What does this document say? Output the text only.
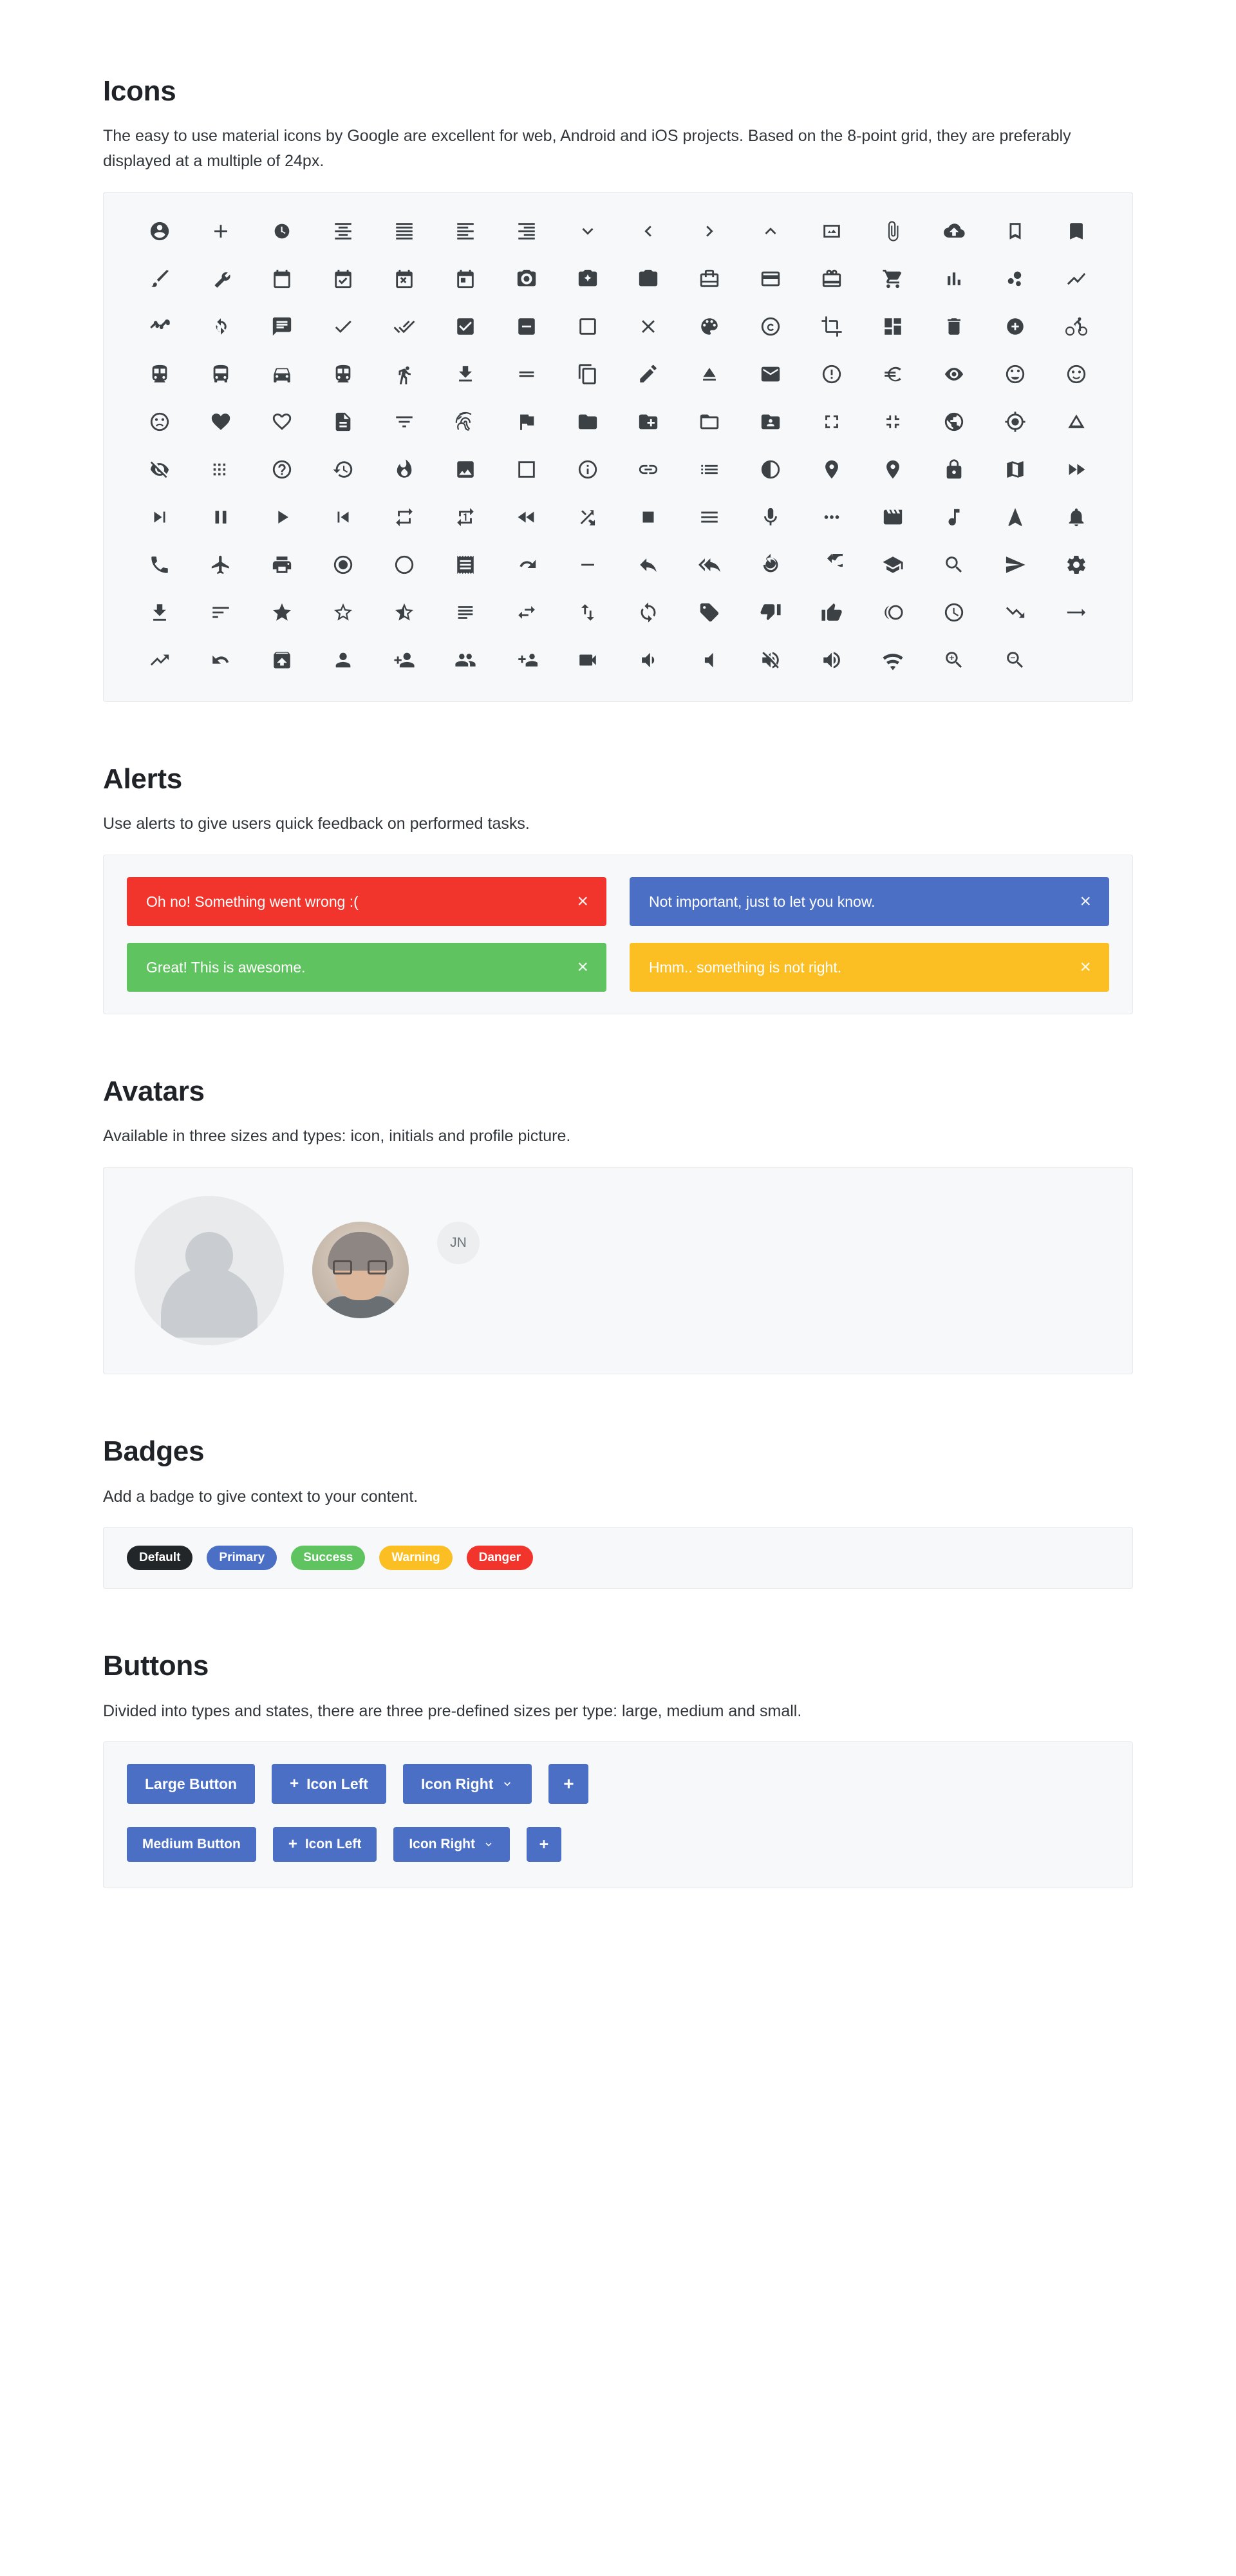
Icons

The easy to use material icons by Google are excellent for web, Android and iOS projects. Based on the 8-point grid, they are preferably displayed at a multiple of 24px.

Alerts

Use alerts to give users quick feedback on performed tasks.

Oh no! Something went wrong :(	×	Not important, just to let you know.	×
Great! This is awesome.	×	Hmm.. something is not right.	×
Avatars

Available in three sizes and types: icon, initials and profile picture.

JN
Badges

Add a badge to give context to your content.

Default	Primary	Success	Warning	Danger
Buttons

Divided into types and states, there are three pre-defined sizes per type: large, medium and small.

Large Button	+ Icon Left	Icon Right	+
Medium Button	+ Icon Left	Icon Right	+
